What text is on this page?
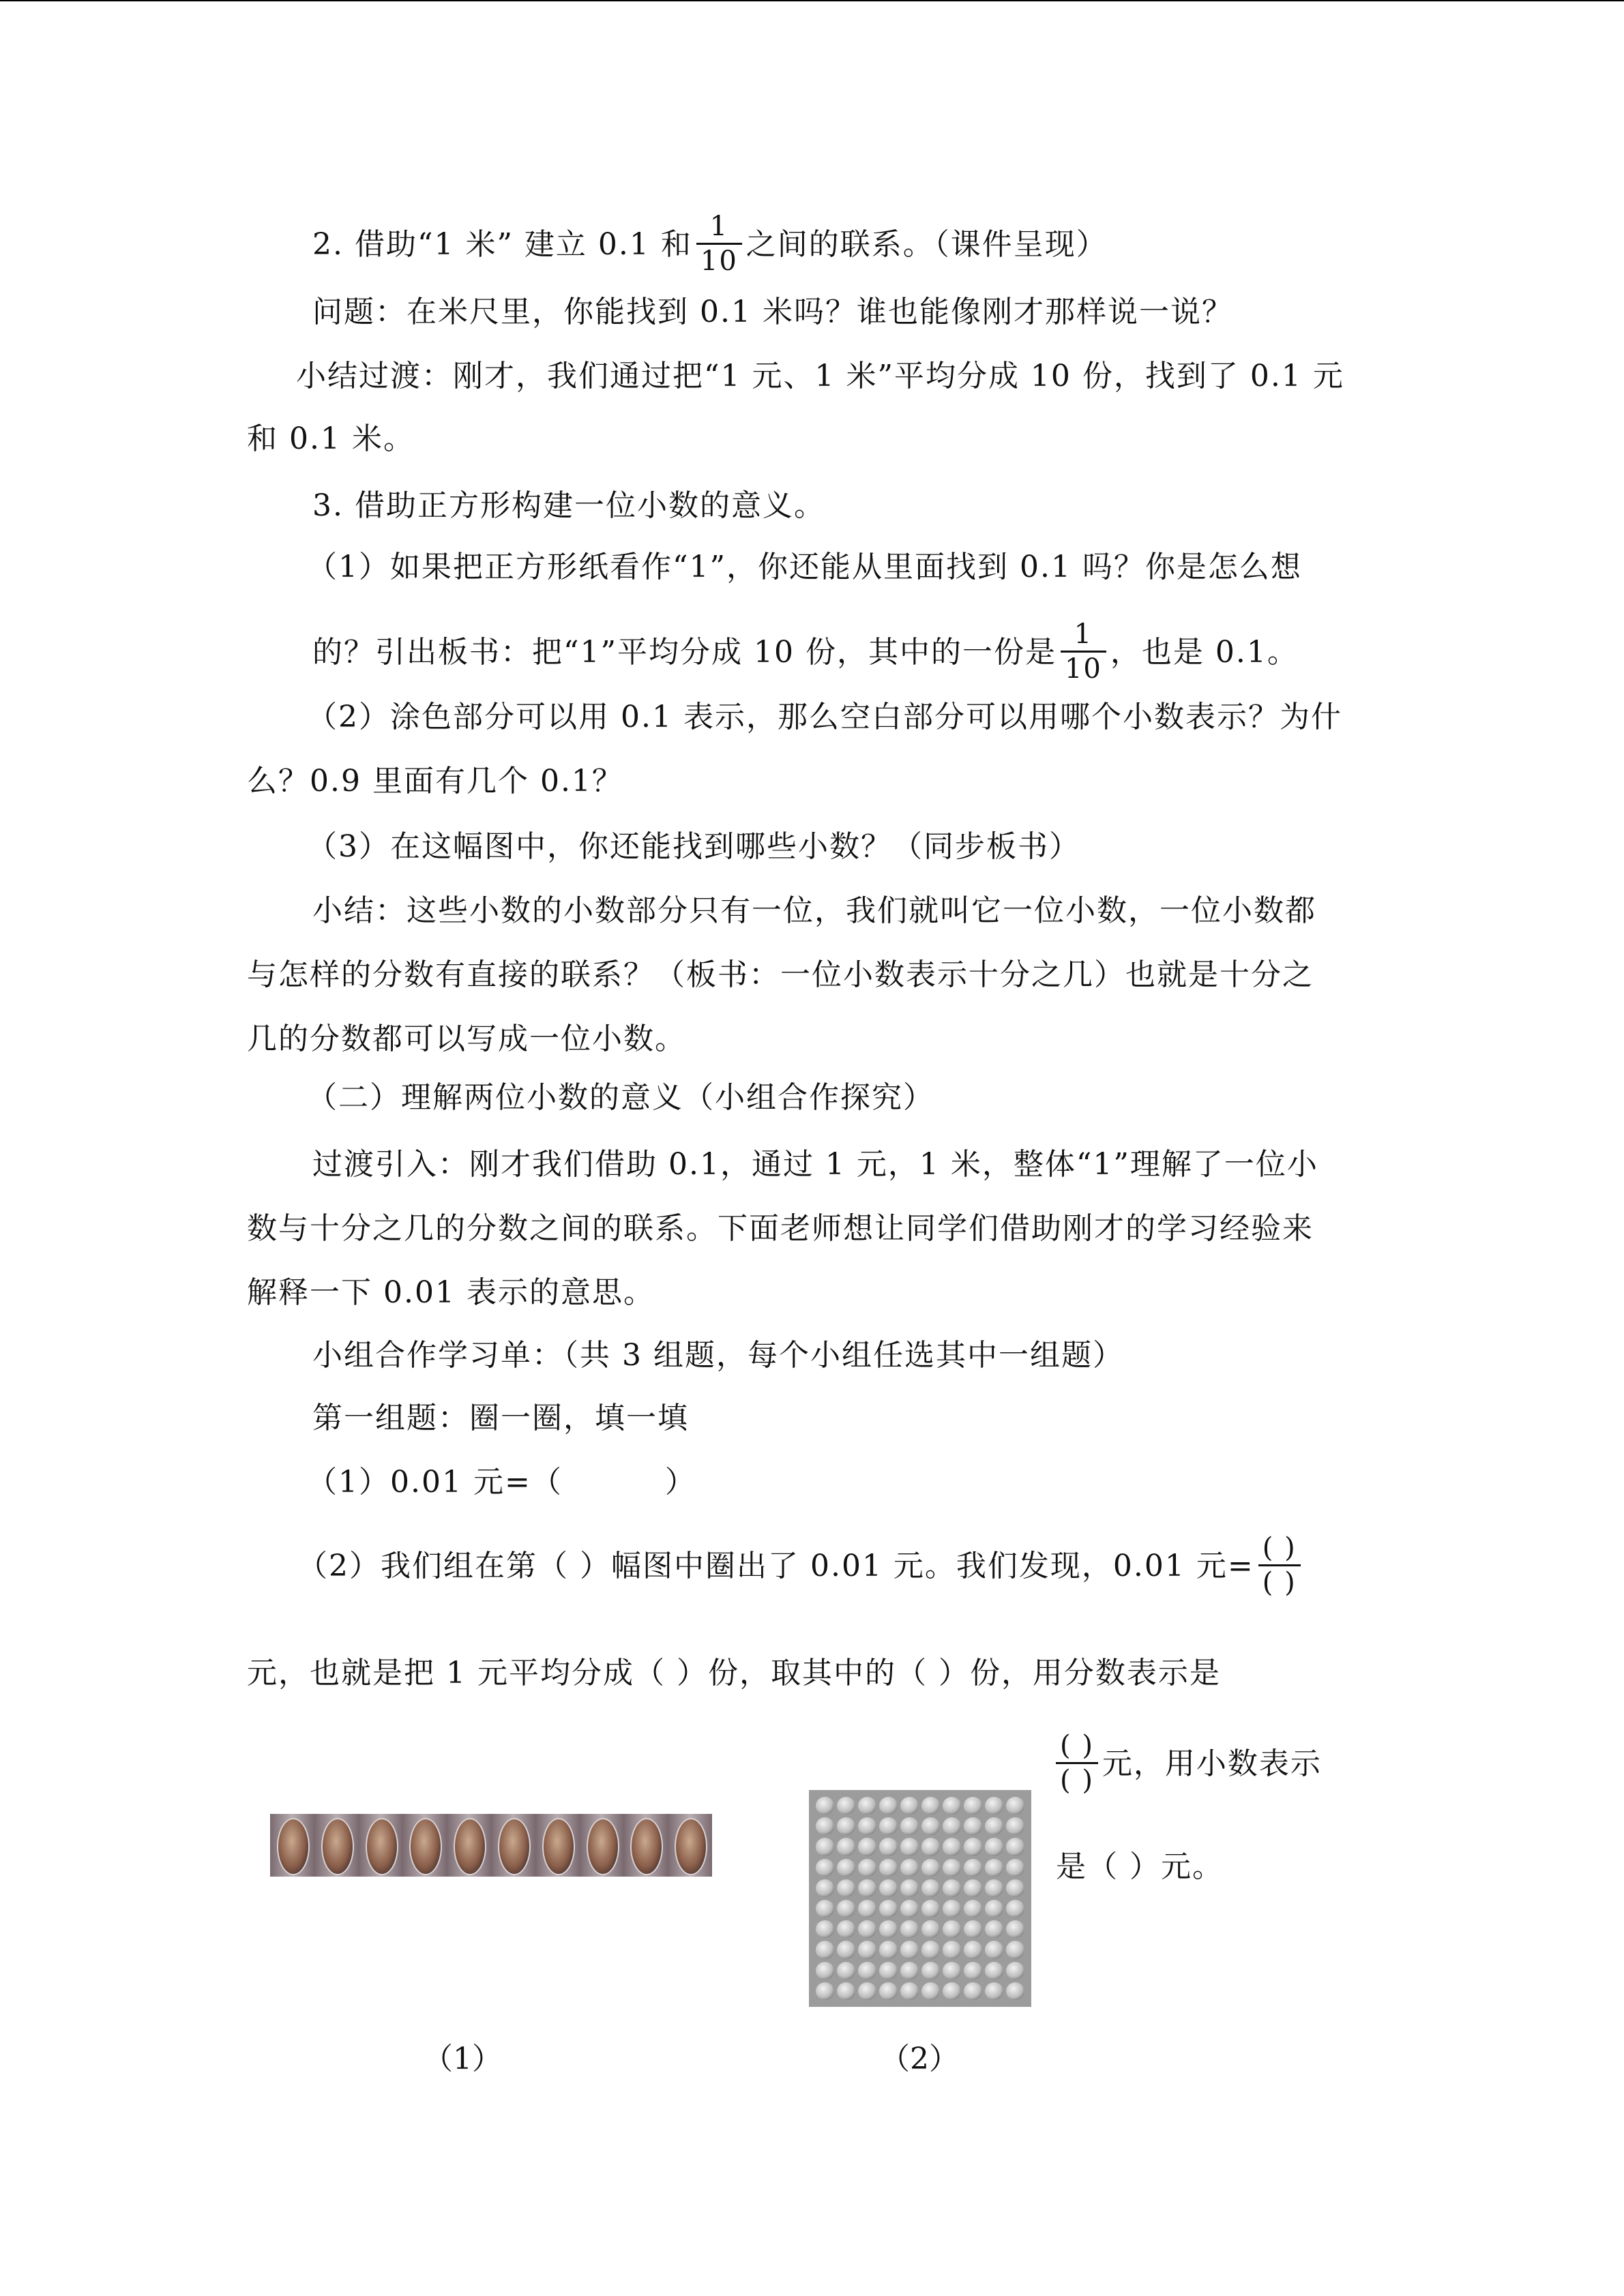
2. 借助“1 米” 建立 0.1 和 $\frac{1}{10}$ 之间的联系。（课件呈现）
问题：在米尺里，你能找到 0.1 米吗？谁也能像刚才那样说一说？
小结过渡：刚才，我们通过把“1 元、1 米”平均分成 10 份，找到了 0.1 元
和 0.1 米。
3. 借助正方形构建一位小数的意义。
（1）如果把正方形纸看作“1”，你还能从里面找到 0.1 吗？你是怎么想
的？引出板书：把“1”平均分成 10 份，其中的一份是 $\frac{1}{10}$ ，也是 0.1。
（2）涂色部分可以用 0.1 表示，那么空白部分可以用哪个小数表示？为什
么？0.9 里面有几个 0.1？
（3）在这幅图中，你还能找到哪些小数？（同步板书）
小结：这些小数的小数部分只有一位，我们就叫它一位小数，一位小数都
与怎样的分数有直接的联系？（板书：一位小数表示十分之几）也就是十分之
几的分数都可以写成一位小数。
（二）理解两位小数的意义（小组合作探究）
过渡引入：刚才我们借助 0.1，通过 1 元，1 米，整体“1”理解了一位小
数与十分之几的分数之间的联系。下面老师想让同学们借助刚才的学习经验来
解释一下 0.01 表示的意思。
小组合作学习单：（共 3 组题，每个小组任选其中一组题）
第一组题：圈一圈，填一填
（1）0.01 元=（	）
（2）我们组在第（ ）幅图中圈出了 0.01 元。我们发现，0.01 元= $\frac{( )}{( )}$
元，也就是把 1 元平均分成（ ）份，取其中的（ ）份，用分数表示是
$\frac{( )}{( )}$ 元，用小数表示
是（ ）元。
（1）	（2）
